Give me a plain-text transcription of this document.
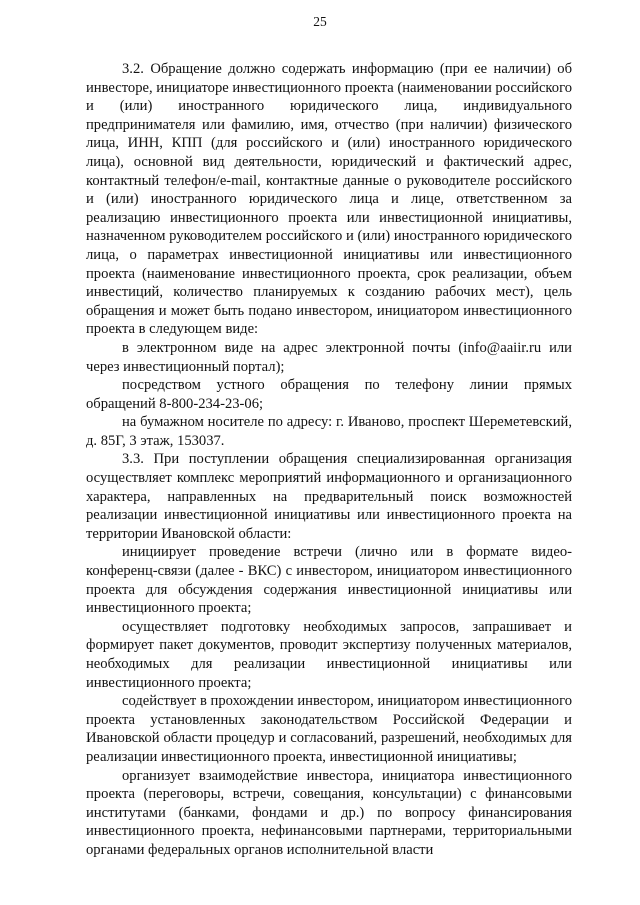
25

3.2. Обращение должно содержать информацию (при ее наличии) об инвесторе, инициаторе инвестиционного проекта (наименовании российского и (или) иностранного юридического лица, индивидуального предпринимателя или фамилию, имя, отчество (при наличии) физического лица, ИНН, КПП (для российского и (или) иностранного юридического лица), основной вид деятельности, юридический и фактический адрес, контактный телефон/e-mail, контактные данные о руководителе российского и (или) иностранного юридического лица и лице, ответственном за реализацию инвестиционного проекта или инвестиционной инициативы, назначенном руководителем российского и (или) иностранного юридического лица, о параметрах инвестиционной инициативы или инвестиционного проекта (наименование инвестиционного проекта, срок реализации, объем инвестиций, количество планируемых к созданию рабочих мест), цель обращения и может быть подано инвестором, инициатором инвестиционного проекта в следующем виде:

в электронном виде на адрес электронной почты (info@aaiir.ru или через инвестиционный портал);

посредством устного обращения по телефону линии прямых обращений 8-800-234-23-06;

на бумажном носителе по адресу: г. Иваново, проспект Шереметевский, д. 85Г, 3 этаж, 153037.

3.3. При поступлении обращения специализированная организация осуществляет комплекс мероприятий информационного и организационного характера, направленных на предварительный поиск возможностей реализации инвестиционной инициативы или инвестиционного проекта на территории Ивановской области:

инициирует проведение встречи (лично или в формате видео-конференц-связи (далее - ВКС) с инвестором, инициатором инвестиционного проекта для обсуждения содержания инвестиционной инициативы или инвестиционного проекта;

осуществляет подготовку необходимых запросов, запрашивает и формирует пакет документов, проводит экспертизу полученных материалов, необходимых для реализации инвестиционной инициативы или инвестиционного проекта;

содействует в прохождении инвестором, инициатором инвестиционного проекта установленных законодательством Российской Федерации и Ивановской области процедур и согласований, разрешений, необходимых для реализации инвестиционного проекта, инвестиционной инициативы;

организует взаимодействие инвестора, инициатора инвестиционного проекта (переговоры, встречи, совещания, консультации) с финансовыми институтами (банками, фондами и др.) по вопросу финансирования инвестиционного проекта, нефинансовыми партнерами, территориальными органами федеральных органов исполнительной власти
